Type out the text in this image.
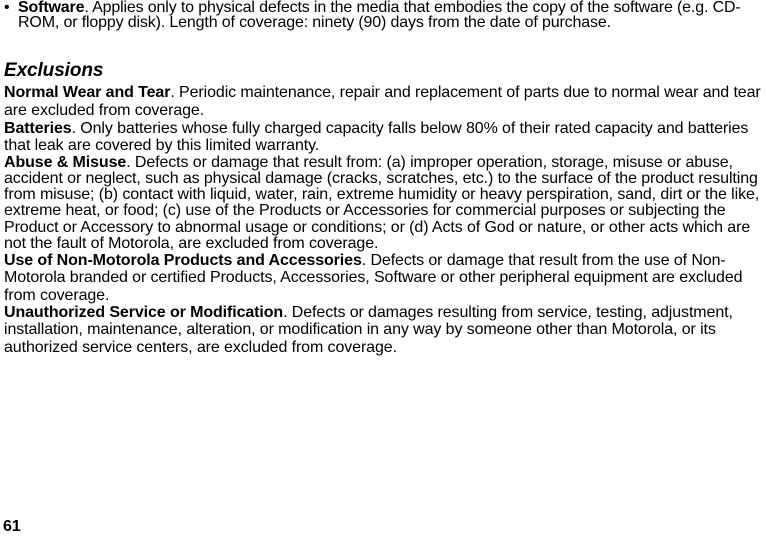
• Software. Applies only to physical defects in the media that embodies the copy of the software (e.g. CD-ROM, or floppy disk). Length of coverage: ninety (90) days from the date of purchase.
Exclusions

Normal Wear and Tear. Periodic maintenance, repair and replacement of parts due to normal wear and tear are excluded from coverage.

Batteries. Only batteries whose fully charged capacity falls below 80% of their rated capacity and batteries that leak are covered by this limited warranty.

Abuse & Misuse. Defects or damage that result from: (a) improper operation, storage, misuse or abuse, accident or neglect, such as physical damage (cracks, scratches, etc.) to the surface of the product resulting from misuse; (b) contact with liquid, water, rain, extreme humidity or heavy perspiration, sand, dirt or the like, extreme heat, or food; (c) use of the Products or Accessories for commercial purposes or subjecting the Product or Accessory to abnormal usage or conditions; or (d) Acts of God or nature, or other acts which are not the fault of Motorola, are excluded from coverage.

Use of Non-Motorola Products and Accessories. Defects or damage that result from the use of Non-Motorola branded or certified Products, Accessories, Software or other peripheral equipment are excluded
from coverage.

Unauthorized Service or Modification. Defects or damages resulting from service, testing, adjustment, installation, maintenance, alteration, or modification in any way by someone other than Motorola, or its authorized service centers, are excluded from coverage.

61
